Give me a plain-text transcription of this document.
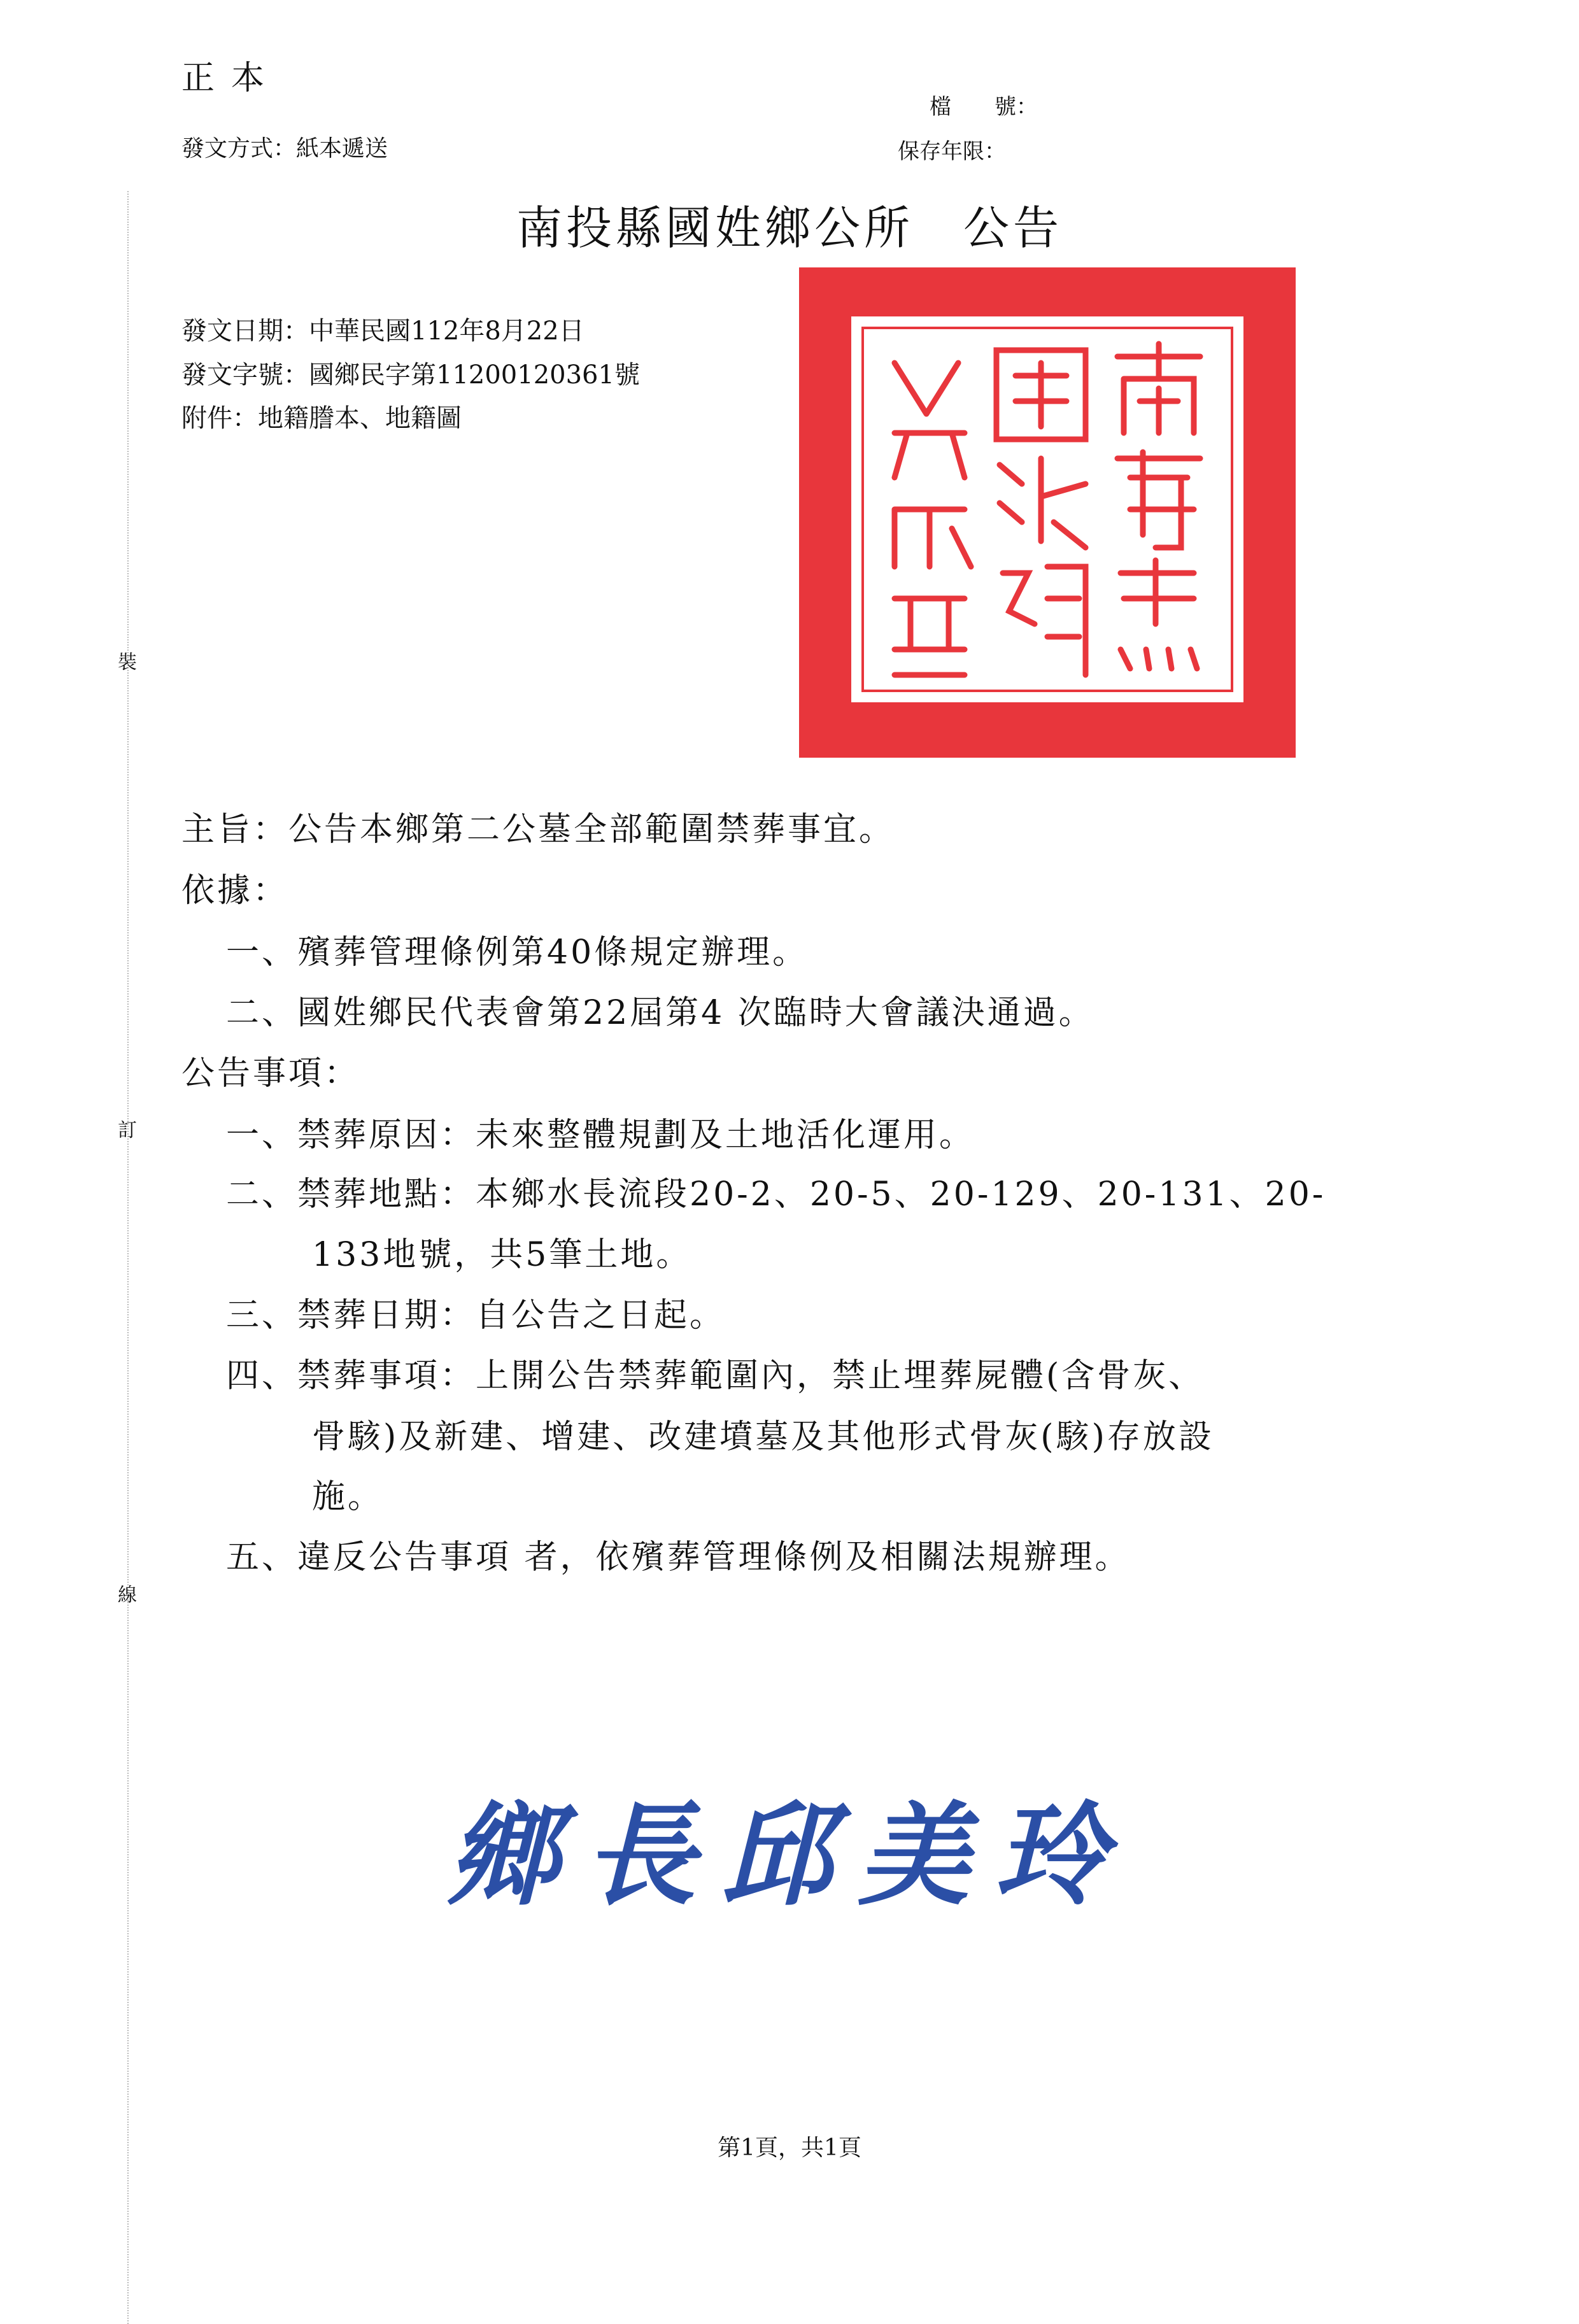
正本
發文方式：紙本遞送
檔　　號：
保存年限：
南投縣國姓鄉公所　公告
發文日期：中華民國112年8月22日
發文字號：國鄉民字第11200120361號
附件：地籍謄本、地籍圖
主旨：公告本鄉第二公墓全部範圍禁葬事宜。
依據：
一、殯葬管理條例第40條規定辦理。
二、國姓鄉民代表會第22屆第4 次臨時大會議決通過。
公告事項：
一、禁葬原因：未來整體規劃及土地活化運用。
二、禁葬地點：本鄉水長流段20-2、20-5、20-129、20-131、20-
133地號，共5筆土地。
三、禁葬日期：自公告之日起。
四、禁葬事項：上開公告禁葬範圍內，禁止埋葬屍體(含骨灰、
骨駭)及新建、增建、改建墳墓及其他形式骨灰(駭)存放設
施。
五、違反公告事項 者，依殯葬管理條例及相關法規辦理。
裝
訂
線
鄉長邱美玲
第1頁，共1頁
